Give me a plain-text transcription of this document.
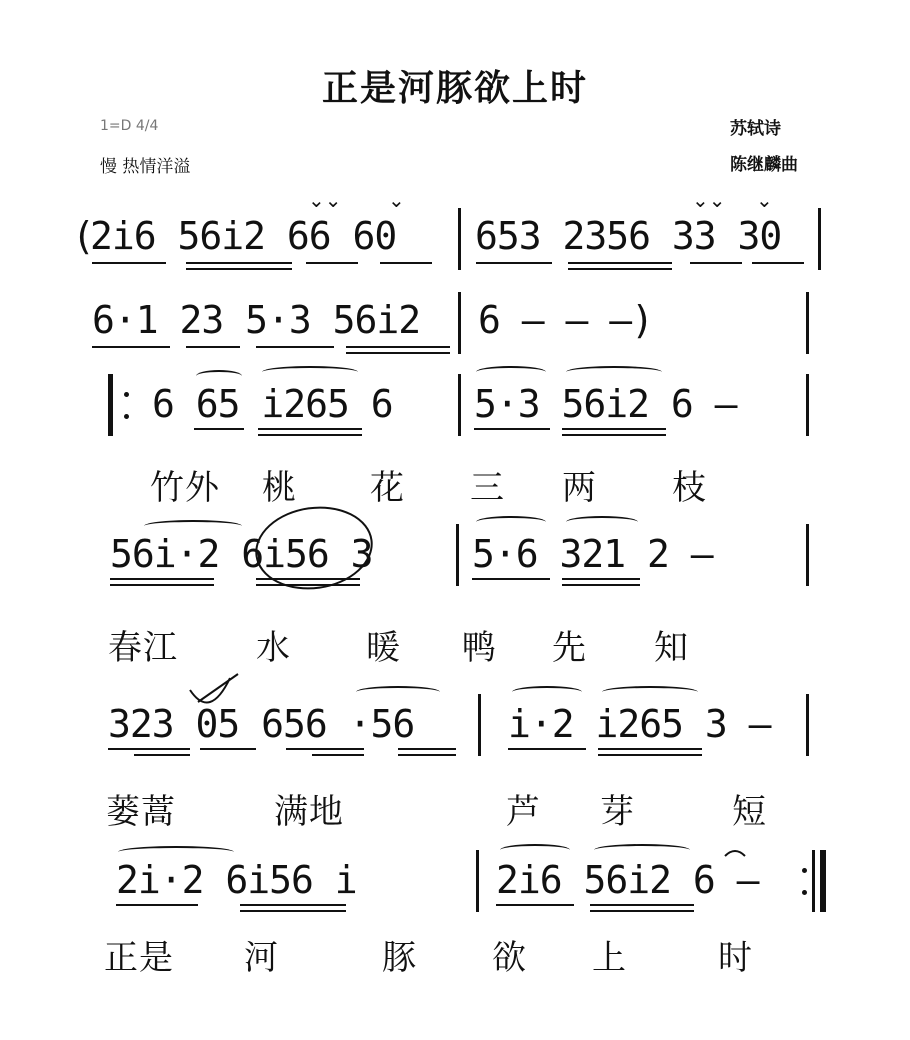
正是河豚欲上时
1=D 4/4
慢 热情洋溢
苏轼诗
陈继麟曲
(
2i6 56i2 66 60 653 2356 33 30
⌄⌄ ⌄	⌄⌄ ⌄
6·1 23 5·3 56i2 6 – – –)
6 65 i265 6 5·3 56i2 6 –
竹外 桃 花 三 两 枝
56i·2 6i56 3	5·6 321 2 –
春江 水 暖 鸭 先 知
323 05 656 ·56 i·2 i265 3 –
蒌蒿	满地	芦 芽	短
2i·2 6i56 i	2i6 56i2 6 –
正是 河	豚 欲 上	时
